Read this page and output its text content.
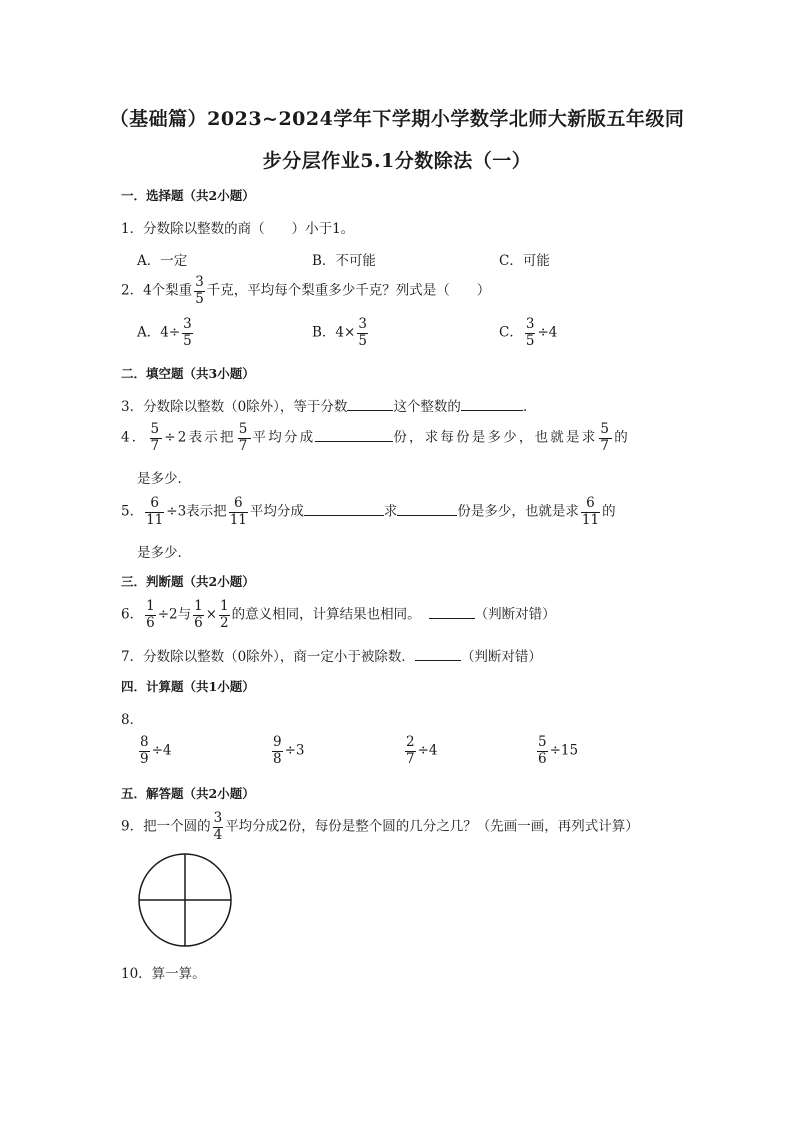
（基础篇）2023~2024学年下学期小学数学北师大新版五年级同
步分层作业5.1分数除法（一）
一．选择题（共2小题）
1．分数除以整数的商（　　）小于1。
A．一定	B．不可能	C．可能
2．4个梨重 $\frac{3}{5}$ 千克，平均每个梨重多少千克？列式是（　　）
A．$4\div \frac{3}{5}$	B．$4\times \frac{3}{5}$	C． $\frac{3}{5} \div 4$
二．填空题（共3小题）
3．分数除以整数（0除外），等于分数	这个整数的	．
4． $\frac{5}{7} \div 2$表示把 $\frac{5}{7}$ 平均分成	份，求每份是多少，也就是求 $\frac{5}{7}$ 的
是多少．
5． $\frac{6}{11} \div 3$表示把 $\frac{6}{11}$ 平均分成	求	份是多少，也就是求 $\frac{6}{11}$ 的
是多少．
三．判断题（共2小题）
6． $\frac{1}{6} \div 2$与 $\frac{1}{6} \times \frac{1}{2}$ 的意义相同，计算结果也相同。	（判断对错）
7．分数除以整数（0除外），商一定小于被除数．	（判断对错）
四．计算题（共1小题）
8．
$\frac{8}{9} \div 4$	$\frac{9}{8} \div 3$	$\frac{2}{7} \div 4$	$\frac{5}{6} \div 15$
五．解答题（共2小题）
9．把一个圆的 $\frac{3}{4}$ 平均分成2份，每份是整个圆的几分之几？（先画一画，再列式计算）
10．算一算。
